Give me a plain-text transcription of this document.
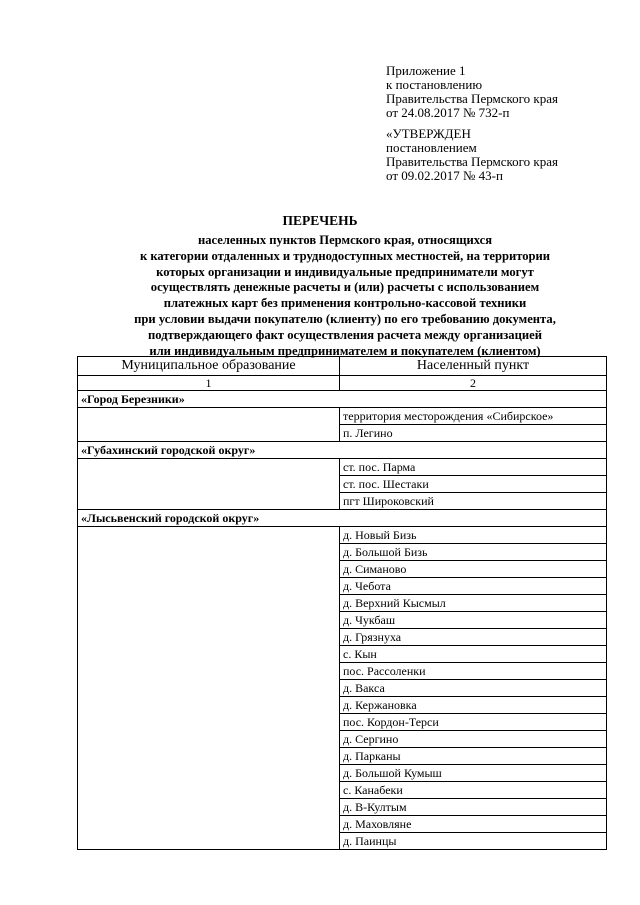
Приложение 1
к постановлению
Правительства Пермского края
от 24.08.2017 № 732-п
«УТВЕРЖДЕН
постановлением
Правительства Пермского края
от 09.02.2017 № 43-п
ПЕРЕЧЕНЬ
населенных пунктов Пермского края, относящихся
к категории отдаленных и труднодоступных местностей, на территории
которых организации и индивидуальные предприниматели могут
осуществлять денежные расчеты и (или) расчеты с использованием
платежных карт без применения контрольно-кассовой техники
при условии выдачи покупателю (клиенту) по его требованию документа,
подтверждающего факт осуществления расчета между организацией
или индивидуальным предпринимателем и покупателем (клиентом)
Муниципальное образование	Населенный пункт
1	2
«Город Березники»	
	территория месторождения «Сибирское»
	п. Легино
«Губахинский городской округ»	
	ст. пос. Парма
	ст. пос. Шестаки
	пгт Широковский
«Лысьвенский городской округ»	
	д. Новый Бизь
	д. Большой Бизь
	д. Симаново
	д. Чебота
	д. Верхний Кысмыл
	д. Чукбаш
	д. Грязнуха
	с. Кын
	пос. Рассоленки
	д. Вакса
	д. Кержановка
	пос. Кордон-Терси
	д. Сергино
	д. Парканы
	д. Большой Кумыш
	с. Канабеки
	д. В-Култым
	д. Маховляне
	д. Паинцы
